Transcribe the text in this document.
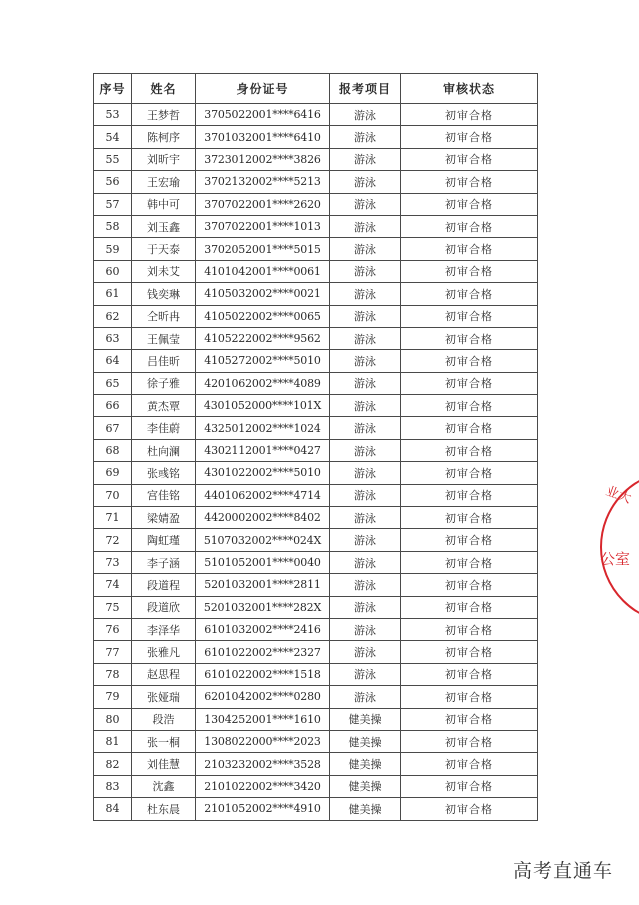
序号	姓名	身份证号	报考项目	审核状态
53	王梦哲	3705022001****6416	游泳	初审合格
54	陈柯序	3701032001****6410	游泳	初审合格
55	刘昕宇	3723012002****3826	游泳	初审合格
56	王宏瑜	3702132002****5213	游泳	初审合格
57	韩中可	3707022001****2620	游泳	初审合格
58	刘玉鑫	3707022001****1013	游泳	初审合格
59	于天泰	3702052001****5015	游泳	初审合格
60	刘未艾	4101042001****0061	游泳	初审合格
61	钱奕琳	4105032002****0021	游泳	初审合格
62	仝昕冉	4105022002****0065	游泳	初审合格
63	王佩莹	4105222002****9562	游泳	初审合格
64	吕佳昕	4105272002****5010	游泳	初审合格
65	徐子雅	4201062002****4089	游泳	初审合格
66	黄杰覃	4301052000****101X	游泳	初审合格
67	李佳蔚	4325012002****1024	游泳	初审合格
68	杜向澜	4302112001****0427	游泳	初审合格
69	张彧铭	4301022002****5010	游泳	初审合格
70	宫佳铭	4401062002****4714	游泳	初审合格
71	梁婧盈	4420002002****8402	游泳	初审合格
72	陶虹瑾	5107032002****024X	游泳	初审合格
73	李子涵	5101052001****0040	游泳	初审合格
74	段道程	5201032001****2811	游泳	初审合格
75	段道欣	5201032001****282X	游泳	初审合格
76	李泽华	6101032002****2416	游泳	初审合格
77	张雅凡	6101022002****2327	游泳	初审合格
78	赵思程	6101022002****1518	游泳	初审合格
79	张娅瑞	6201042002****0280	游泳	初审合格
80	段浩	1304252001****1610	健美操	初审合格
81	张一桐	1308022000****2023	健美操	初审合格
82	刘佳慧	2103232002****3528	健美操	初审合格
83	沈鑫	2101022002****3420	健美操	初审合格
84	杜东晨	2101052002****4910	健美操	初审合格
业大
公室
高考直通车
